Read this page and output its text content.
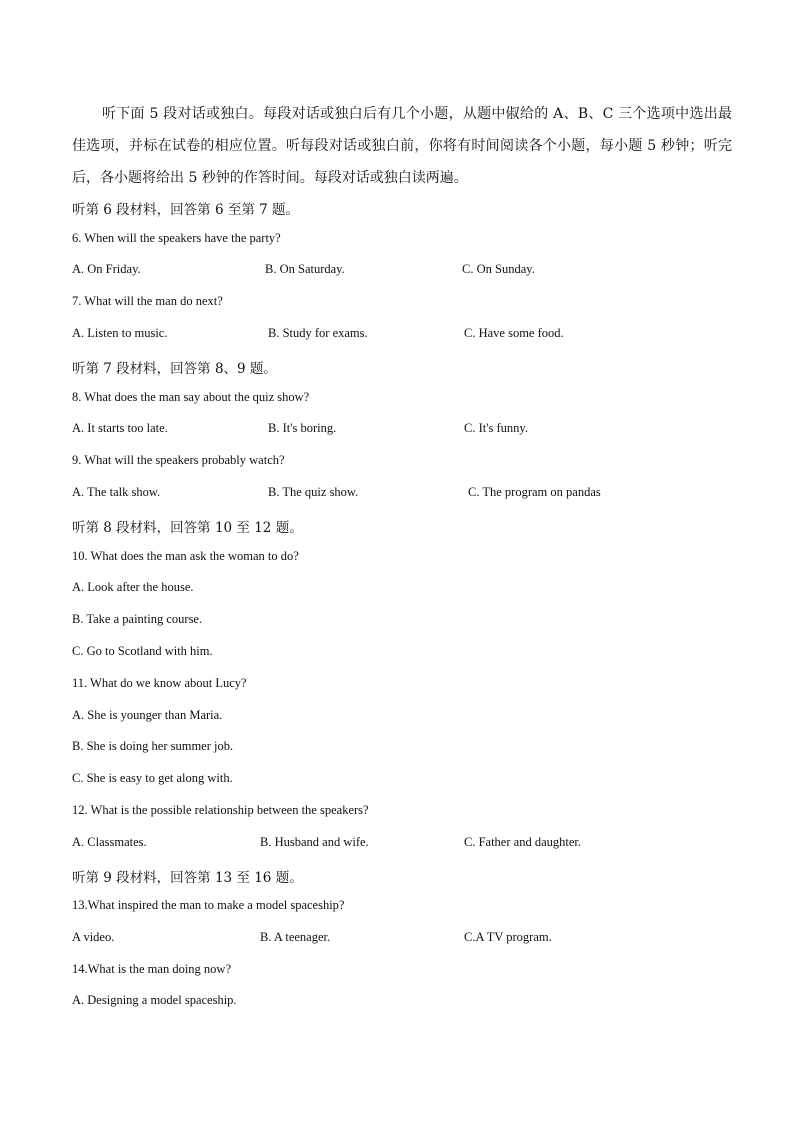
听下面 5 段对话或独白。每段对话或独白后有几个小题，从题中俶给的 A、B、C 三个选项中选出最佳选项，并标在试卷的相应位置。听每段对话或独白前，你将有时间阅读各个小题，每小题 5 秒钟；听完后，各小题将给出 5 秒钟的作答时间。每段对话或独白读两遍。
听第 6 段材料，回答第 6 至第 7 题。
6. When will the speakers have the party?
A. On Friday.	B. On Saturday.	C. On Sunday.
7. What will the man do next?
A. Listen to music.	B. Study for exams.	C. Have some food.
听第 7 段材料，回答第 8、9 题。
8. What does the man say about the quiz show?
A. It starts too late.	B. It's boring.	C. It's funny.
9. What will the speakers probably watch?
A. The talk show.	B. The quiz show.	C. The program on pandas
听第 8 段材料，回答第 10 至 12 题。
10. What does the man ask the woman to do?
A. Look after the house.
B. Take a painting course.
C. Go to Scotland with him.
11. What do we know about Lucy?
A. She is younger than Maria.
B. She is doing her summer job.
C. She is easy to get along with.
12. What is the possible relationship between the speakers?
A. Classmates.	B. Husband and wife.	C. Father and daughter.
听第 9 段材料，回答第 13 至 16 题。
13.What inspired the man to make a model spaceship?
A video.	B. A teenager.	C.A TV program.
14.What is the man doing now?
A. Designing a model spaceship.
